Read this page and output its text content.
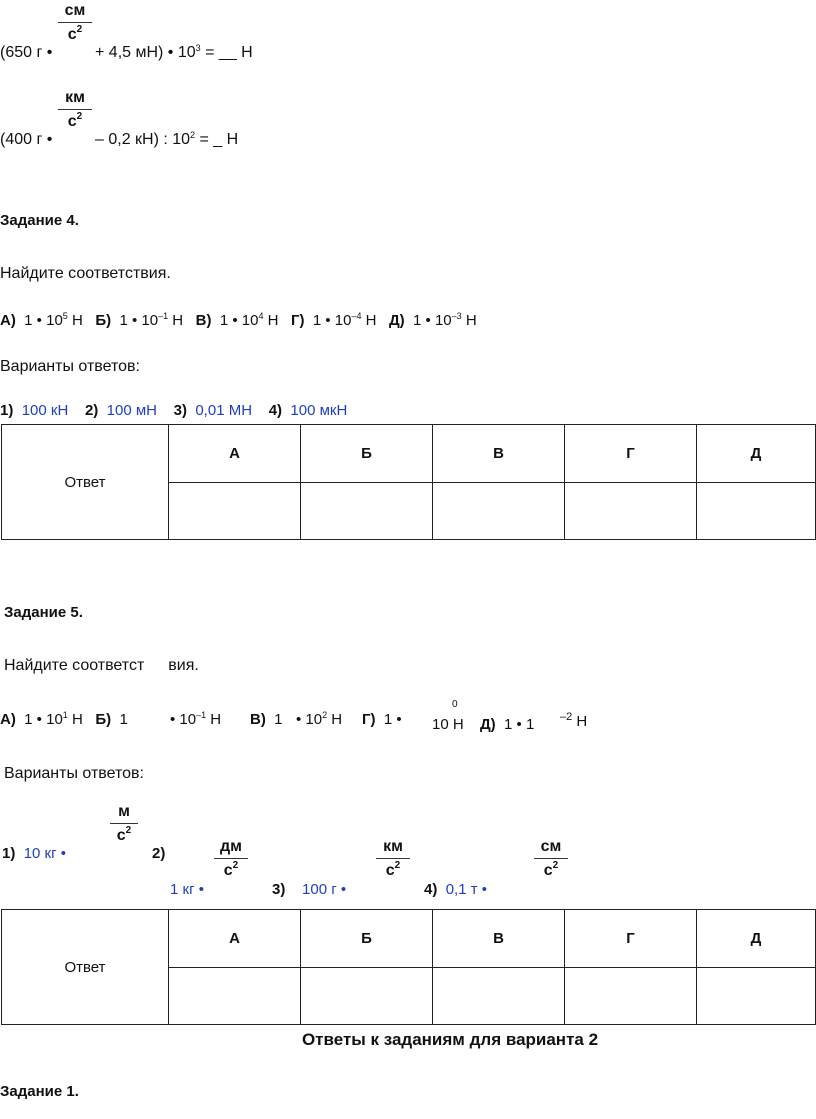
(650 г •
см
$с^2$
+ 4,5 мН) • $10^3$ = __ Н
(400 г •
км
$с^2$
– 0,2 кН) : $10^2$ = _ Н
Задание 4.
Найдите соответствия.
А) 1 • $10^5$ Н Б) 1 • $10^{-1}$ Н В) 1 • $10^4$ Н Г) 1 • $10^{-4}$ Н Д) 1 • $10^{-3}$ Н
Варианты ответов:
1) 100 кН 2) 100 мН 3) 0,01 МН 4) 100 мкН
Ответ	А	Б	В	Г	Д

Задание 5.
Найдите соответст вия.
А) 1 • $10^1$ Н Б) 1	• $10^{-1}$ Н В) 1 • $10^2$ Н Г) 1 •
0
10 Н Д) 1 • 1 $^{-2}$ Н
Варианты ответов:
1) 10 кг •
м
$с^2$
2)
1 кг •
дм
$с^2$
3) 100 г •
км
$с^2$
4) 0,1 т •
см
$с^2$
Ответ	А	Б	В	Г	Д

Ответы к заданиям для варианта 2
Задание 1.
